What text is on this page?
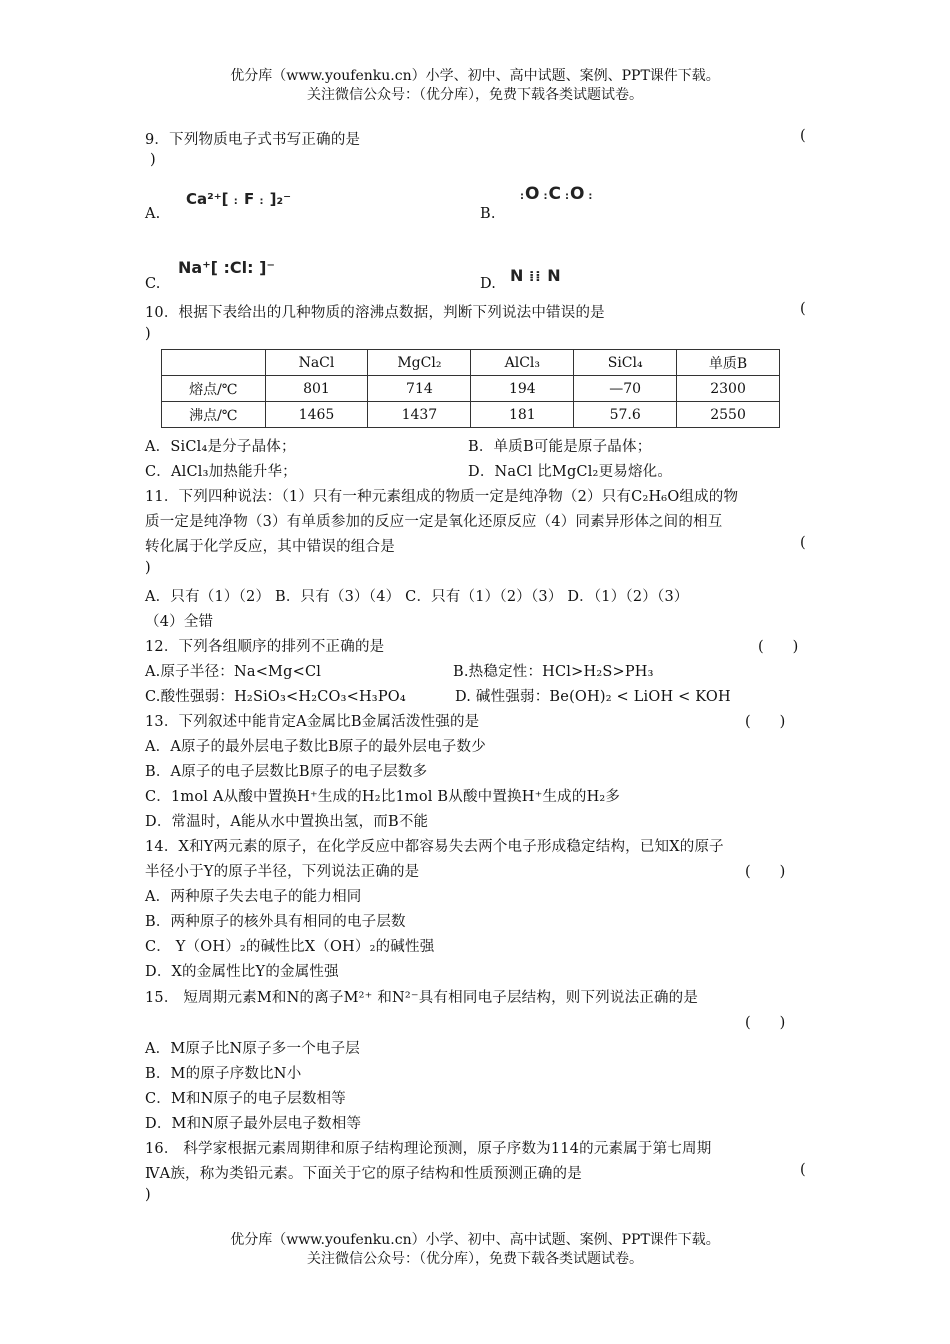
优分库（www.youfenku.cn）小学、初中、高中试题、案例、PPT课件下载。
关注微信公众号：（优分库），免费下载各类试题试卷。
9．下列物质电子式书写正确的是	(
)
A.
Ca²⁺[ : F : ]₂⁻
B.
:O:C:O:
C.
Na⁺[ :Cl: ]⁻
D. N ⁞⁞ N
10．根据下表给出的几种物质的溶沸点数据，判断下列说法中错误的是	(
)
	NaCl	MgCl₂	AlCl₃	SiCl₄	单质B
熔点/℃	801	714	194	—70	2300
沸点/℃	1465	1437	181	57.6	2550
A．SiCl₄是分子晶体；	B．单质B可能是原子晶体；
C．AlCl₃加热能升华；	D．NaCl 比MgCl₂更易熔化。
11．下列四种说法：（1）只有一种元素组成的物质一定是纯净物（2）只有C₂H₆O组成的物
质一定是纯净物（3）有单质参加的反应一定是氧化还原反应（4）同素异形体之间的相互
转化属于化学反应，其中错误的组合是	(
)
A．只有（1）（2） B．只有（3）（4） C．只有（1）（2）（3） D．（1）（2）（3）
（4）全错
12．下列各组顺序的排列不正确的是	(　　)
A.原子半径：Na<Mg<Cl	B.热稳定性：HCl>H₂S>PH₃
C.酸性强弱：H₂SiO₃<H₂CO₃<H₃PO₄	D. 碱性强弱：Be(OH)₂ < LiOH < KOH
13．下列叙述中能肯定A金属比B金属活泼性强的是	(　　)
A．A原子的最外层电子数比B原子的最外层电子数少
B．A原子的电子层数比B原子的电子层数多
C．1mol A从酸中置换H⁺生成的H₂比1mol B从酸中置换H⁺生成的H₂多
D．常温时，A能从水中置换出氢，而B不能
14．X和Y两元素的原子，在化学反应中都容易失去两个电子形成稳定结构，已知X的原子
半径小于Y的原子半径，下列说法正确的是	(　　)
A．两种原子失去电子的能力相同
B．两种原子的核外具有相同的电子层数
C． Y（OH）₂的碱性比X（OH）₂的碱性强
D．X的金属性比Y的金属性强
15． 短周期元素M和N的离子M²⁺ 和N²⁻具有相同电子层结构，则下列说法正确的是
(　　)
A．M原子比N原子多一个电子层
B．M的原子序数比N小
C．M和N原子的电子层数相等
D．M和N原子最外层电子数相等
16． 科学家根据元素周期律和原子结构理论预测，原子序数为114的元素属于第七周期
ⅣA族，称为类铅元素。下面关于它的原子结构和性质预测正确的是	(
)
优分库（www.youfenku.cn）小学、初中、高中试题、案例、PPT课件下载。
关注微信公众号：（优分库），免费下载各类试题试卷。
